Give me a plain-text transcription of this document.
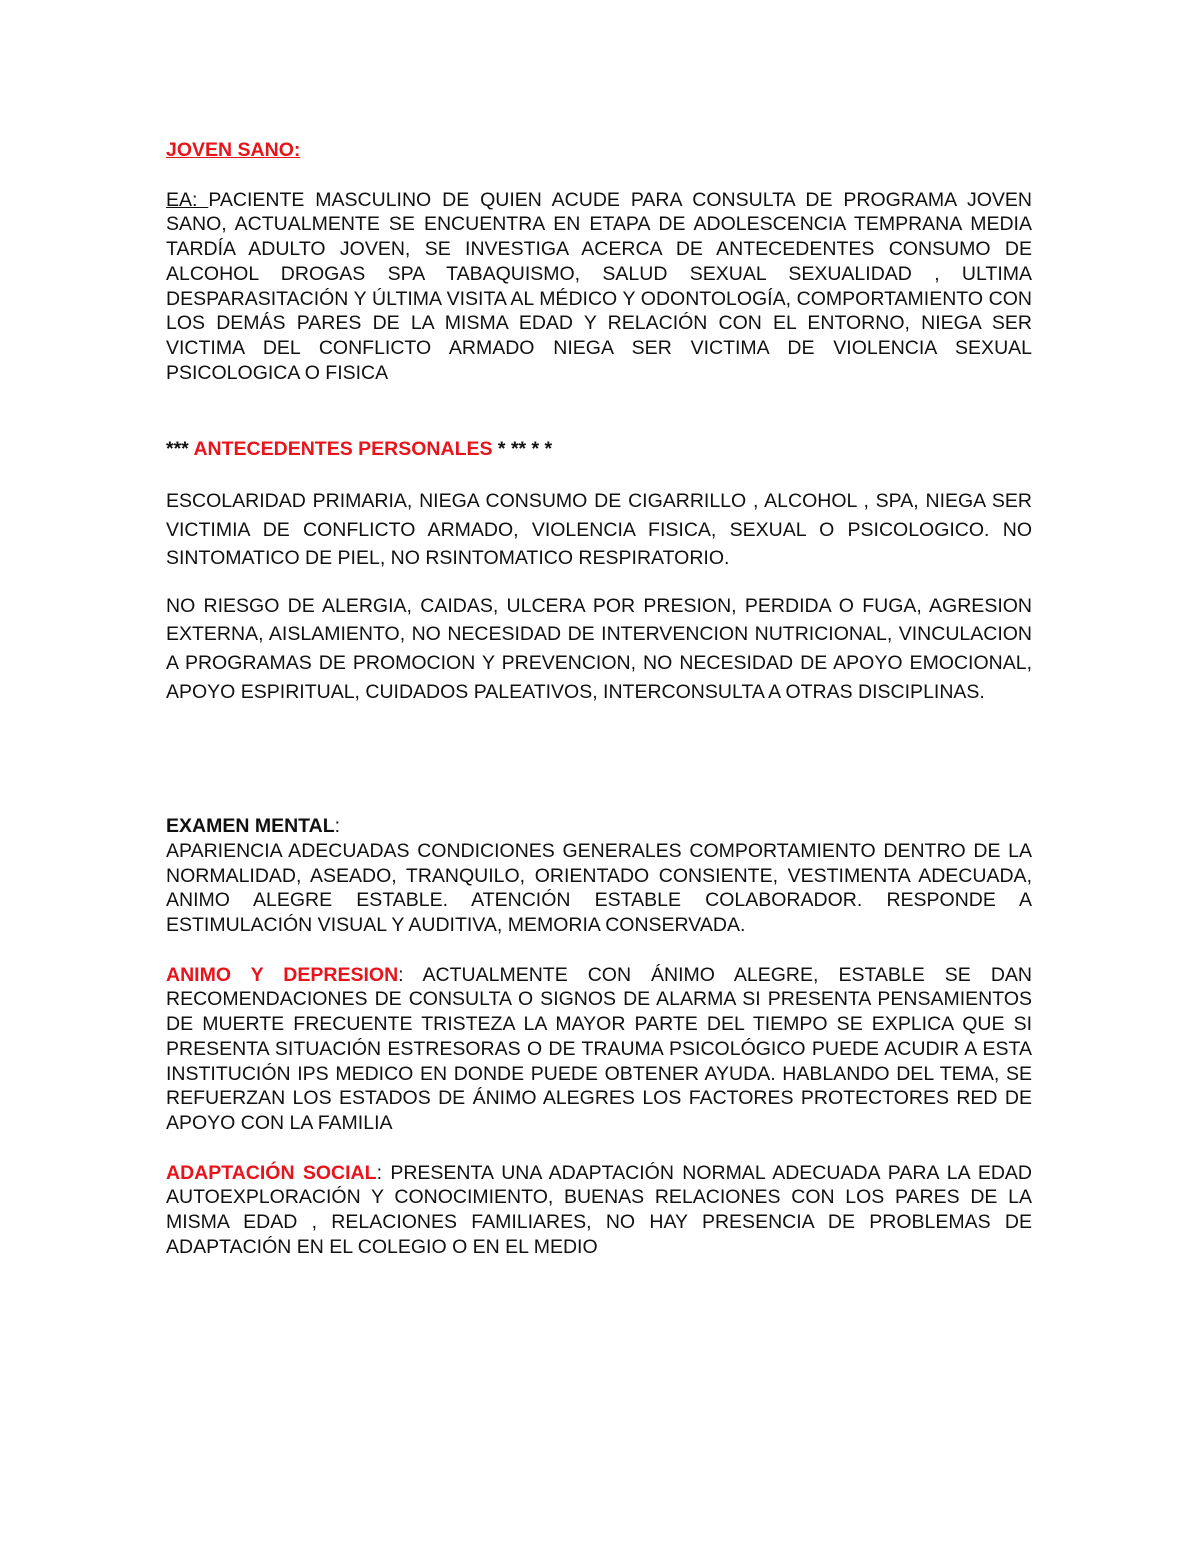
JOVEN SANO:

EA: PACIENTE MASCULINO DE QUIEN ACUDE PARA CONSULTA DE PROGRAMA JOVEN SANO, ACTUALMENTE SE ENCUENTRA EN ETAPA DE ADOLESCENCIA TEMPRANA MEDIA TARDÍA ADULTO JOVEN, SE INVESTIGA ACERCA DE ANTECEDENTES CONSUMO DE ALCOHOL DROGAS SPA TABAQUISMO, SALUD SEXUAL SEXUALIDAD , ULTIMA DESPARASITACIÓN Y ÚLTIMA VISITA AL MÉDICO Y ODONTOLOGÍA, COMPORTAMIENTO CON LOS DEMÁS PARES DE LA MISMA EDAD Y RELACIÓN CON EL ENTORNO, NIEGA SER VICTIMA DEL CONFLICTO ARMADO NIEGA SER VICTIMA DE VIOLENCIA SEXUAL PSICOLOGICA O FISICA

*** ANTECEDENTES PERSONALES * ** * *

ESCOLARIDAD PRIMARIA, NIEGA CONSUMO DE CIGARRILLO , ALCOHOL , SPA, NIEGA SER VICTIMIA DE CONFLICTO ARMADO, VIOLENCIA FISICA, SEXUAL O PSICOLOGICO. NO SINTOMATICO DE PIEL, NO RSINTOMATICO RESPIRATORIO.

NO RIESGO DE ALERGIA, CAIDAS, ULCERA POR PRESION, PERDIDA O FUGA, AGRESION EXTERNA, AISLAMIENTO, NO NECESIDAD DE INTERVENCION NUTRICIONAL, VINCULACION A PROGRAMAS DE PROMOCION Y PREVENCION, NO NECESIDAD DE APOYO EMOCIONAL, APOYO ESPIRITUAL, CUIDADOS PALEATIVOS, INTERCONSULTA A OTRAS DISCIPLINAS.

EXAMEN MENTAL:

APARIENCIA ADECUADAS CONDICIONES GENERALES COMPORTAMIENTO DENTRO DE LA NORMALIDAD, ASEADO, TRANQUILO, ORIENTADO CONSIENTE, VESTIMENTA ADECUADA, ANIMO ALEGRE ESTABLE. ATENCIÓN ESTABLE COLABORADOR. RESPONDE A ESTIMULACIÓN VISUAL Y AUDITIVA, MEMORIA CONSERVADA.

ANIMO Y DEPRESION: ACTUALMENTE CON ÁNIMO ALEGRE, ESTABLE SE DAN RECOMENDACIONES DE CONSULTA O SIGNOS DE ALARMA SI PRESENTA PENSAMIENTOS DE MUERTE FRECUENTE TRISTEZA LA MAYOR PARTE DEL TIEMPO SE EXPLICA QUE SI PRESENTA SITUACIÓN ESTRESORAS O DE TRAUMA PSICOLÓGICO PUEDE ACUDIR A ESTA INSTITUCIÓN IPS MEDICO EN DONDE PUEDE OBTENER AYUDA. HABLANDO DEL TEMA, SE REFUERZAN LOS ESTADOS DE ÁNIMO ALEGRES LOS FACTORES PROTECTORES RED DE APOYO CON LA FAMILIA

ADAPTACIÓN SOCIAL: PRESENTA UNA ADAPTACIÓN NORMAL ADECUADA PARA LA EDAD AUTOEXPLORACIÓN Y CONOCIMIENTO, BUENAS RELACIONES CON LOS PARES DE LA MISMA EDAD , RELACIONES FAMILIARES, NO HAY PRESENCIA DE PROBLEMAS DE ADAPTACIÓN EN EL COLEGIO O EN EL MEDIO
